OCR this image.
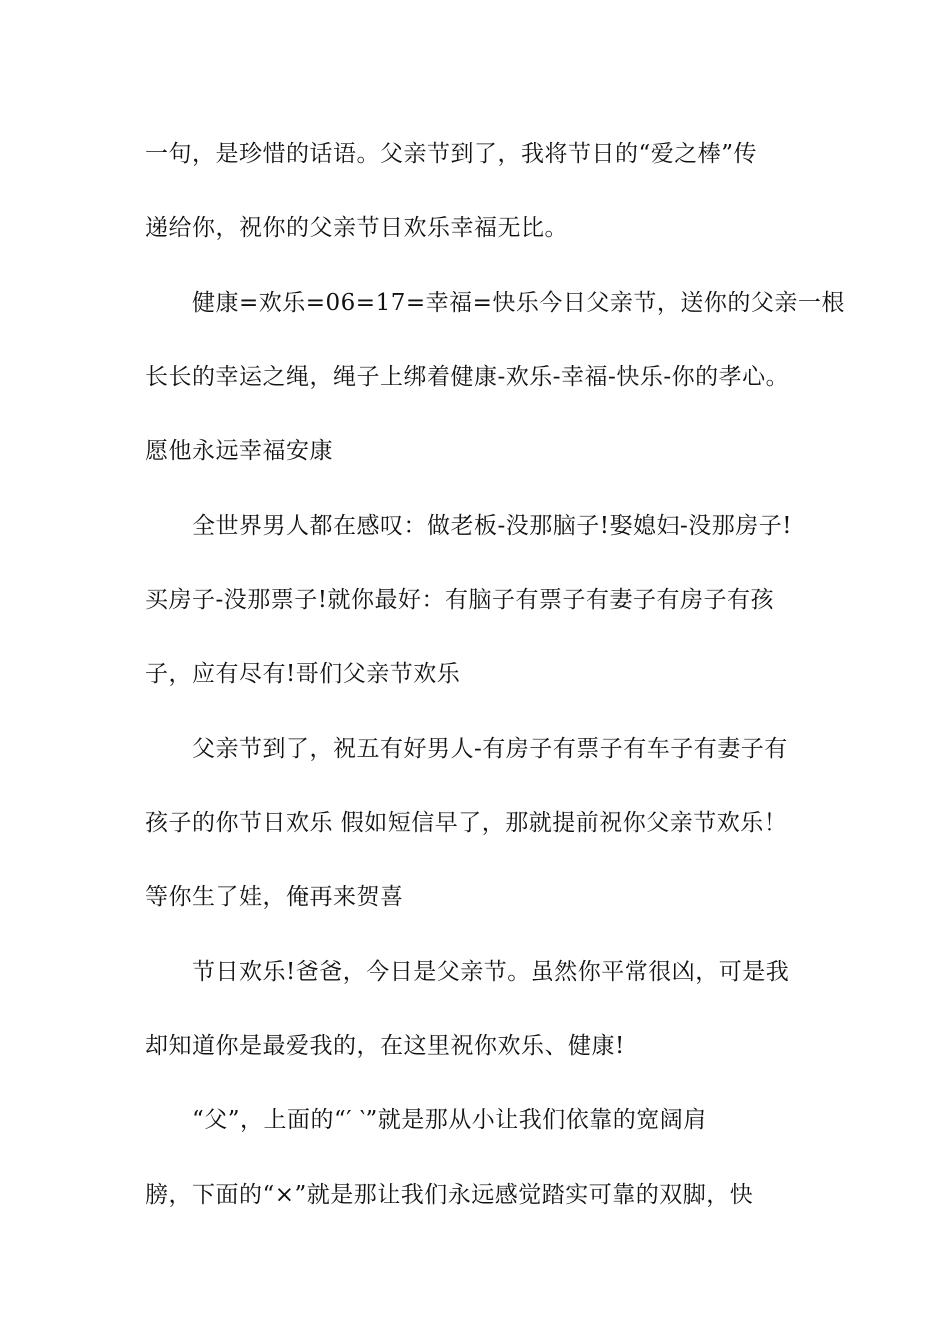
一句，是珍惜的话语。父亲节到了，我将节日的“爱之棒”传
递给你，祝你的父亲节日欢乐幸福无比。
健康=欢乐=06=17=幸福=快乐今日父亲节，送你的父亲一根
长长的幸运之绳，绳子上绑着健康-欢乐-幸福-快乐-你的孝心。
愿他永远幸福安康
全世界男人都在感叹：做老板-没那脑子!娶媳妇-没那房子!
买房子-没那票子!就你最好：有脑子有票子有妻子有房子有孩
子，应有尽有!哥们父亲节欢乐
父亲节到了，祝五有好男人-有房子有票子有车子有妻子有
孩子的你节日欢乐 假如短信早了，那就提前祝你父亲节欢乐！
等你生了娃，俺再来贺喜
节日欢乐!爸爸，今日是父亲节。虽然你平常很凶，可是我
却知道你是最爱我的，在这里祝你欢乐、健康!
“父”，上面的“′ ‵”就是那从小让我们依靠的宽阔肩
膀，下面的“×”就是那让我们永远感觉踏实可靠的双脚，快
